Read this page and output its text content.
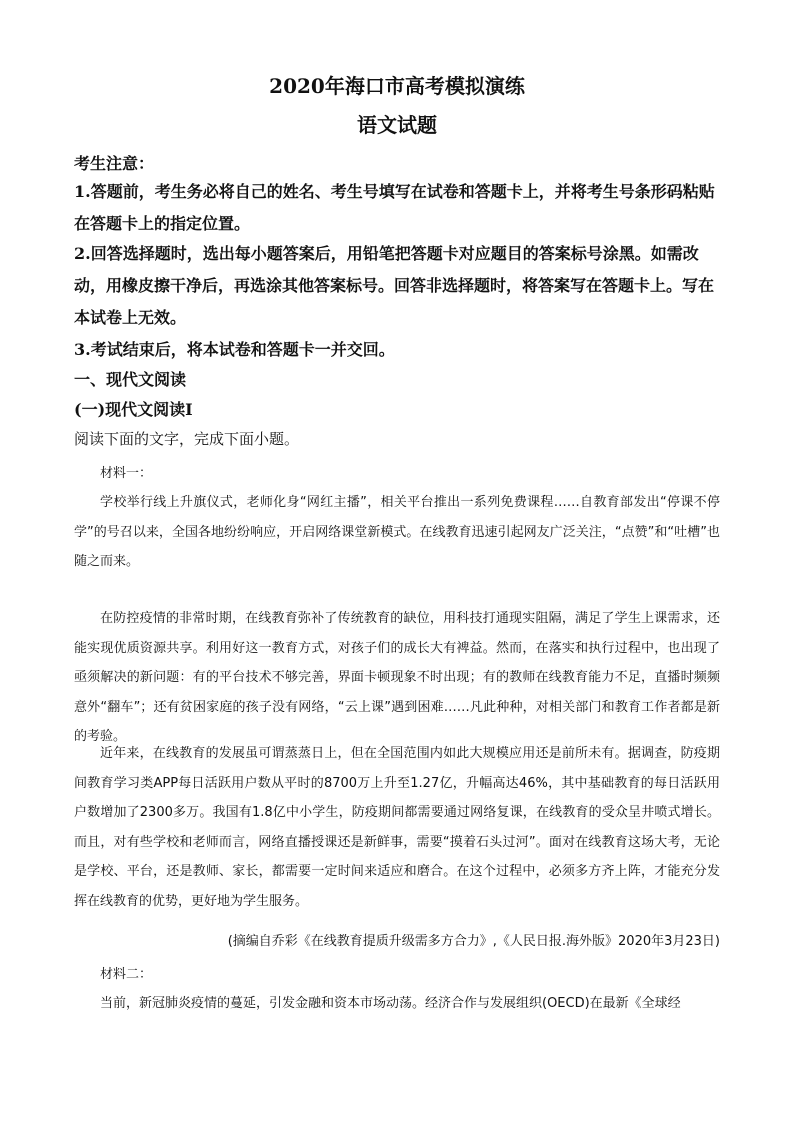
2020年海口市高考模拟演练
语文试题
考生注意：

1.答题前，考生务必将自己的姓名、考生号填写在试卷和答题卡上，并将考生号条形码粘贴在答题卡上的指定位置。

2.回答选择题时，选出每小题答案后，用铅笔把答题卡对应题目的答案标号涂黑。如需改动，用橡皮擦干净后，再选涂其他答案标号。回答非选择题时，将答案写在答题卡上。写在本试卷上无效。

3.考试结束后，将本试卷和答题卡一并交回。

一、现代文阅读
(一)现代文阅读Ⅰ
阅读下面的文字，完成下面小题。

材料一：

学校举行线上升旗仪式，老师化身“网红主播”，相关平台推出一系列免费课程……自教育部发出“停课不停学”的号召以来，全国各地纷纷响应，开启网络课堂新模式。在线教育迅速引起网友广泛关注，“点赞”和“吐槽”也随之而来。

在防控疫情的非常时期，在线教育弥补了传统教育的缺位，用科技打通现实阻隔，满足了学生上课需求，还能实现优质资源共享。利用好这一教育方式，对孩子们的成长大有裨益。然而，在落实和执行过程中，也出现了亟须解决的新问题：有的平台技术不够完善，界面卡顿现象不时出现；有的教师在线教育能力不足，直播时频频意外“翻车”；还有贫困家庭的孩子没有网络，“云上课”遇到困难……凡此种种，对相关部门和教育工作者都是新的考验。

近年来，在线教育的发展虽可谓蒸蒸日上，但在全国范围内如此大规模应用还是前所未有。据调查，防疫期间教育学习类APP每日活跃用户数从平时的8700万上升至1.27亿，升幅高达46%，其中基础教育的每日活跃用户数增加了2300多万。我国有1.8亿中小学生，防疫期间都需要通过网络复课，在线教育的受众呈井喷式增长。而且，对有些学校和老师而言，网络直播授课还是新鲜事，需要“摸着石头过河”。面对在线教育这场大考，无论是学校、平台，还是教师、家长，都需要一定时间来适应和磨合。在这个过程中，必须多方齐上阵，才能充分发挥在线教育的优势，更好地为学生服务。

(摘编自乔彩《在线教育提质升级需多方合力》,《人民日报.海外版》2020年3月23日)

材料二：

当前，新冠肺炎疫情的蔓延，引发金融和资本市场动荡。经济合作与发展组织(OECD)在最新《全球经
